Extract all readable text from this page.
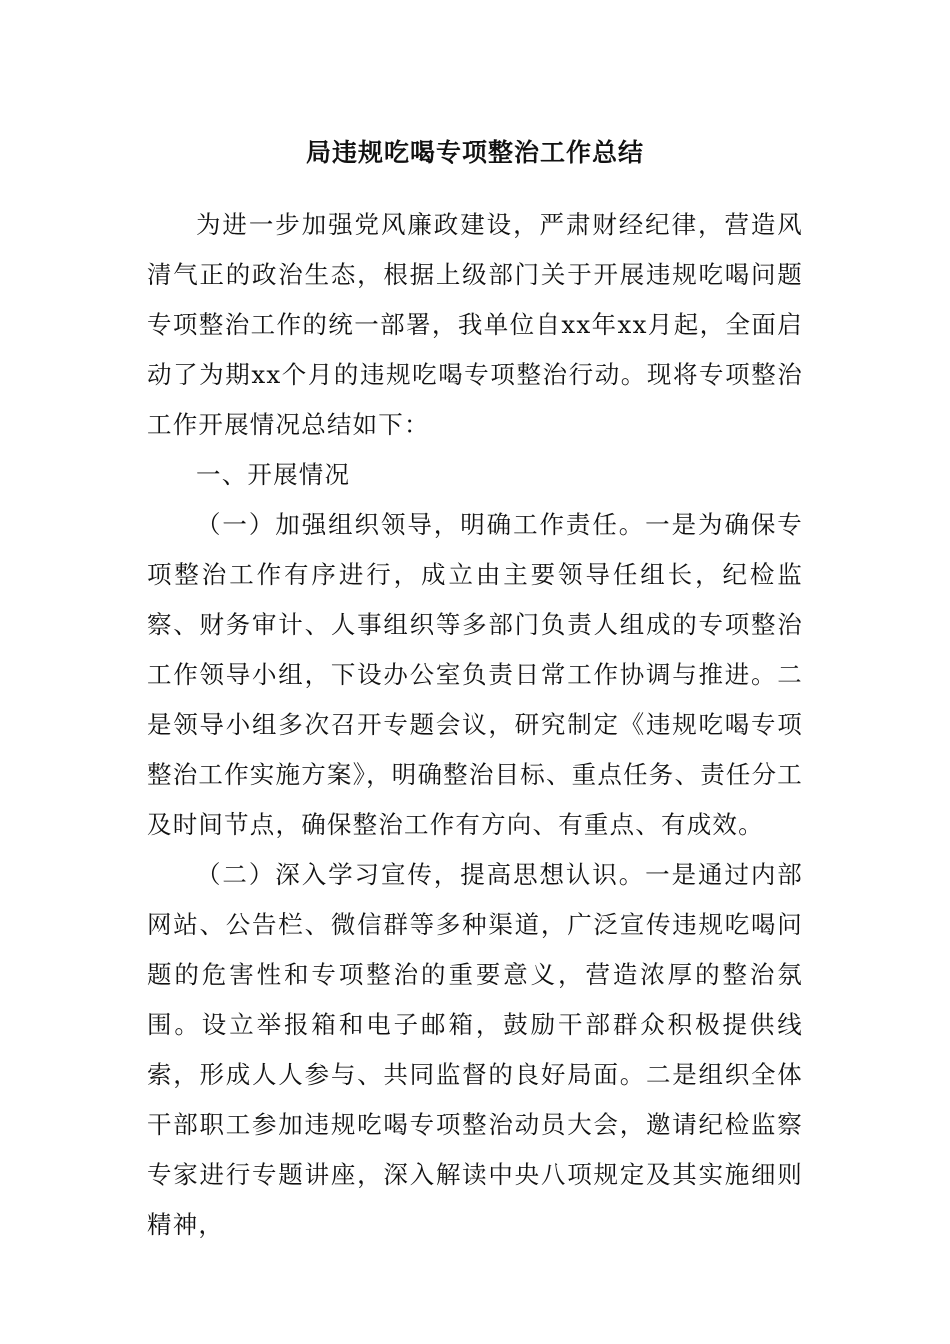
局违规吃喝专项整治工作总结

为进一步加强党风廉政建设，严肃财经纪律，营造风清气正的政治生态，根据上级部门关于开展违规吃喝问题专项整治工作的统一部署，我单位自xx年xx月起，全面启动了为期xx个月的违规吃喝专项整治行动。现将专项整治工作开展情况总结如下：

一、开展情况

（一）加强组织领导，明确工作责任。一是为确保专项整治工作有序进行，成立由主要领导任组长，纪检监察、财务审计、人事组织等多部门负责人组成的专项整治工作领导小组，下设办公室负责日常工作协调与推进。二是领导小组多次召开专题会议，研究制定《违规吃喝专项整治工作实施方案》，明确整治目标、重点任务、责任分工及时间节点，确保整治工作有方向、有重点、有成效。

（二）深入学习宣传，提高思想认识。一是通过内部网站、公告栏、微信群等多种渠道，广泛宣传违规吃喝问题的危害性和专项整治的重要意义，营造浓厚的整治氛围。设立举报箱和电子邮箱，鼓励干部群众积极提供线索，形成人人参与、共同监督的良好局面。二是组织全体干部职工参加违规吃喝专项整治动员大会，邀请纪检监察专家进行专题讲座，深入解读中央八项规定及其实施细则精神，
